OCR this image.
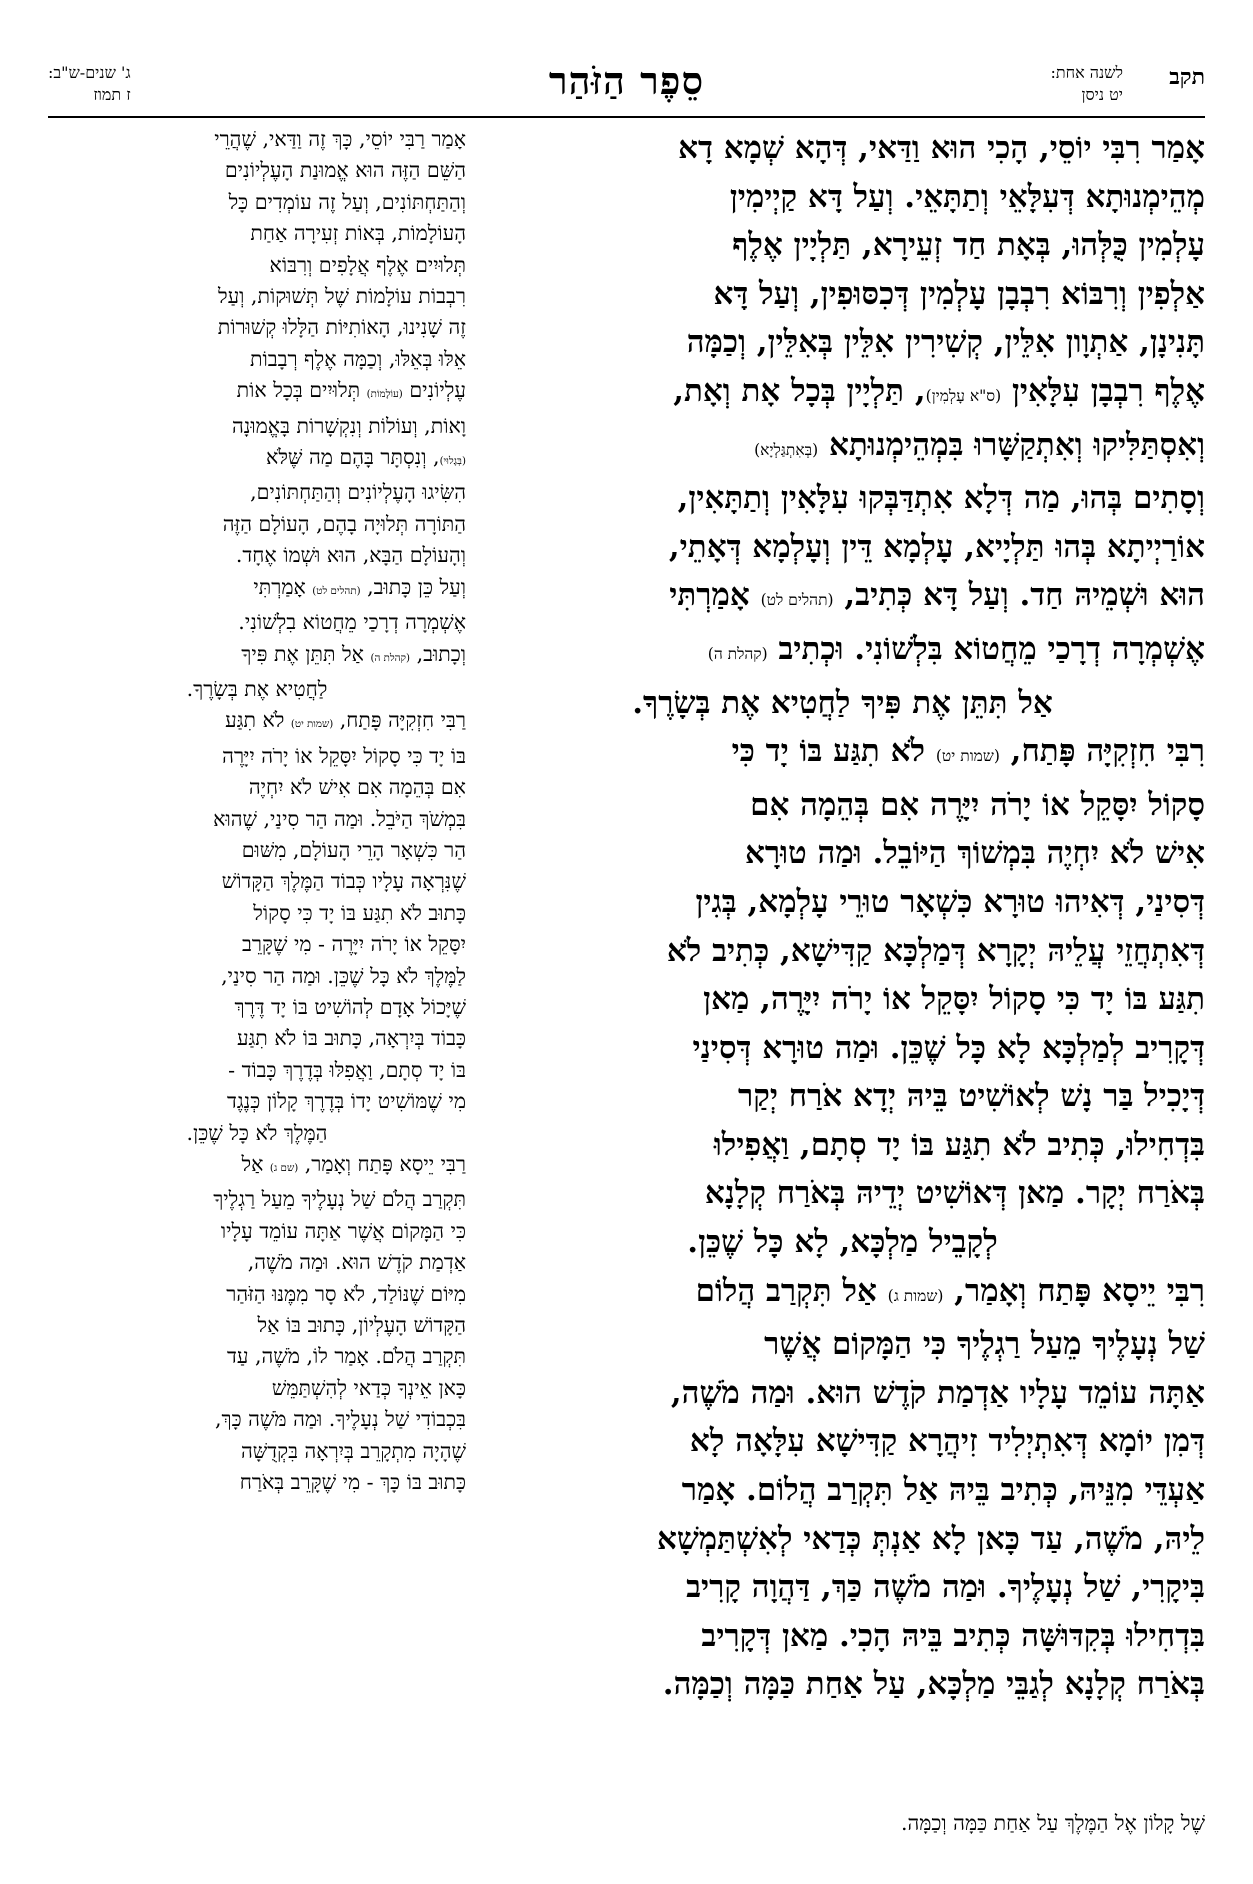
תקב
לשנה אחת:
יט ניסן
סֵפֶר הַזֹּהַר
ג' שנים-ש"ב:
ז תמוז

אָמַר רִבִּי יוֹסֵי, הָכִי הוּא וַדַּאי, דְּהָא שְׁמָא דָא

מְהֵימְנוּתָא דְּעִלָּאֵי וְתַתָּאֵי. וְעַל דָּא קַיְימִין

עָלְמִין כֻּלְּהוּ, בְּאָת חַד זְעֵירָא, תַּלְיָין אֶלֶף

אַלְפִין וְרִבּוֹא רִבְבָן עָלְמִין דְּכִסּוּפִין, וְעַל דָּא

תָּנִינָן, אַתְוָון אִלֵּין, קְשִׁירִין אִלֵּין בְּאִלֵּין, וְכַמָּה

אֶלֶף רִבְבָן עִלָּאִין (ס"א עָלְמִין), תַּלְיָין בְּכָל אָת וְאָת,

וְאִסְתַּלִּיקוּ וְאִתְקַשָּׁרוּ בִּמְהֵימְנוּתָא (בְּאִתְגַּלְיָא)

וְסָתִים בְּהוּ, מַה דְּלָא אִתְדַּבְּקוּ עִלָּאִין וְתַתָּאִין,

אוֹרַיְיתָא בְּהוּ תַּלְיָיא, עָלְמָא דֵּין וְעָלְמָא דְּאָתֵי,

הוּא וּשְׁמֵיהּ חַד. וְעַל דָּא כְּתִיב, (תהלים לט) אָמַרְתִּי

אֶשְׁמְרָה דְרָכַי מֵחֲטוֹא בִּלְשׁוֹנִי. וּכְתִיב (קהלת ה)

אַל תִּתֵּן אֶת פִּיךָ לַחֲטִיא אֶת בְּשָׂרֶךָ.

רִבִּי חִזְקִיָּה פָּתַח, (שמות יט) לֹא תִגַּע בּוֹ יָד כִּי

סָקוֹל יִסָּקֵל אוֹ יָרֹה יִיָּרֶה אִם בְּהֵמָה אִם

אִישׁ לֹא יִחְיֶה בִּמְשׁוֹךְ הַיּוֹבֵל. וּמַה טוּרָא

דְּסִינַי, דְּאִיהוּ טוּרָא כִּשְׁאָר טוּרֵי עָלְמָא, בְּגִין

דְּאִתְחֲזֵי עֲלֵיהּ יְקָרָא דְּמַלְכָּא קַדִּישָׁא, כְּתִיב לֹא

תִגַּע בּוֹ יָד כִּי סָקוֹל יִסָּקֵל אוֹ יָרֹה יִיָּרֶה, מַאן

דְּקָרִיב לְמַלְכָּא לָא כָּל שֶׁכֵּן. וּמַה טוּרָא דְּסִינַי

דְּיָכִיל בַּר נָשׁ לְאוֹשִׁיט בֵּיהּ יְדָא אֹרַח יְקַר

בִּדְחִילוּ, כְּתִיב לֹא תִגַּע בּוֹ יָד סְתָם, וַאֲפִילוּ

בְּאֹרַח יְקָר. מַאן דְּאוֹשִׁיט יְדֵיהּ בְּאֹרַח קְלָנָא

לְקָבֵיל מַלְכָּא, לָא כָּל שֶׁכֵּן.

רִבִּי יֵיסָא פָּתַח וְאָמַר, (שמות ג) אַל תִּקְרַב הֲלוֹם

שַׁל נְעָלֶיךָ מֵעַל רַגְלֶיךָ כִּי הַמָּקוֹם אֲשֶׁר

אַתָּה עוֹמֵד עָלָיו אַדְמַת קֹדֶשׁ הוּא. וּמַה מֹשֶׁה,

דְּמִן יוֹמָא דְּאִתְיְלִיד זִיהֲרָא קַדִּישָׁא עִלָּאָה לָא

אַעְדֵּי מִנֵּיהּ, כְּתִיב בֵּיהּ אַל תִּקְרַב הֲלוֹם. אָמַר

לֵיהּ, מֹשֶׁה, עַד כָּאן לָא אַנְתְּ כְּדַאי לְאִשְׁתַּמְשָׁא

בִּיקָרִי, שַׁל נְעָלֶיךָ. וּמַה מֹשֶׁה כַּךְ, דַּהֲוָה קָרִיב

בִּדְחִילוּ בְּקִדּוּשָּׁה כְּתִיב בֵּיהּ הָכִי. מַאן דְּקָרִיב

בְּאֹרַח קְלָנָא לְגַבֵּי מַלְכָּא, עַל אַחַת כַּמָּה וְכַמָּה.

אָמַר רַבִּי יוֹסֵי, כָּךְ זֶה וַדַּאי, שֶׁהֲרֵי

הַשֵּׁם הַזֶּה הוּא אֱמוּנַת הָעֶלְיוֹנִים

וְהַתַּחְתּוֹנִים, וְעַל זֶה עוֹמְדִים כָּל

הָעוֹלָמוֹת, בְּאוֹת זְעִירָה אַחַת

תְּלוּיִים אֶלֶף אֲלָפִים וְרִבּוֹא

רִבְבוֹת עוֹלָמוֹת שֶׁל תְּשׁוּקוֹת, וְעַל

זֶה שָׁנִינוּ, הָאוֹתִיּוֹת הַלָּלוּ קְשׁוּרוֹת

אֵלּוּ בְּאֵלּוּ, וְכַמָּה אֶלֶף רְבָבוֹת

עֶלְיוֹנִים (עוֹלָמוֹת) תְּלוּיִים בְּכָל אוֹת

וָאוֹת, וְעוֹלוֹת וְנִקְשָׁרוֹת בָּאֱמוּנָה

(בְּגָלוּי), וְנִסְתָּר בָּהֶם מַה שֶּׁלֹּא

הִשִּׂיגוּ הָעֶלְיוֹנִים וְהַתַּחְתּוֹנִים,

הַתּוֹרָה תְּלוּיָה בָהֶם, הָעוֹלָם הַזֶּה

וְהָעוֹלָם הַבָּא, הוּא וּשְׁמוֹ אֶחָד.

וְעַל כֵּן כָּתוּב, (תהלים לט) אָמַרְתִּי

אֶשְׁמְרָה דְרָכַי מֵחֲטוֹא בִלְשׁוֹנִי.

וְכָתוּב, (קהלת ה) אַל תִּתֵּן אֶת פִּיךָ

לַחֲטִיא אֶת בְּשָׂרֶךָ.

רַבִּי חִזְקִיָּה פָּתַח, (שמות יט) לֹא תִגַּע

בּוֹ יָד כִּי סָקוֹל יִסָּקֵל אוֹ יָרֹה יִיָּרֶה

אִם בְּהֵמָה אִם אִישׁ לֹא יִחְיֶה

בִּמְשֹׁךְ הַיֹּבֵל. וּמַה הַר סִינַי, שֶׁהוּא

הַר כִּשְׁאָר הָרֵי הָעוֹלָם, מִשּׁוּם

שֶׁנִּרְאָה עָלָיו כְּבוֹד הַמֶּלֶךְ הַקָּדוֹשׁ

כָּתוּב לֹא תִגַּע בּוֹ יָד כִּי סָקוֹל

יִסָּקֵל אוֹ יָרֹה יִיָּרֶה - מִי שֶׁקָּרֵב

לַמֶּלֶךְ לֹא כָּל שֶׁכֵּן. וּמַה הַר סִינַי,

שֶׁיָּכוֹל אָדָם לְהוֹשִׁיט בּוֹ יָד דֶּרֶךְ

כָּבוֹד בְּיִרְאָה, כָּתוּב בּוֹ לֹא תִגַּע

בּוֹ יָד סְתָם, וַאֲפִלּוּ בְּדֶרֶךְ כָּבוֹד -

מִי שֶׁמּוֹשִׁיט יָדוֹ בְּדֶרֶךְ קָלוֹן כְּנֶגֶד

הַמֶּלֶךְ לֹא כָּל שֶׁכֵּן.

רַבִּי יֵיסָא פָּתַח וְאָמַר, (שם ג) אַל

תִּקְרַב הֲלֹם שַׁל נְעָלֶיךָ מֵעַל רַגְלֶיךָ

כִּי הַמָּקוֹם אֲשֶׁר אַתָּה עוֹמֵד עָלָיו

אַדְמַת קֹדֶשׁ הוּא. וּמַה מֹשֶׁה,

מִיּוֹם שֶׁנּוֹלַד, לֹא סָר מִמֶּנּוּ הַזֹּהַר

הַקָּדוֹשׁ הָעֶלְיוֹן, כָּתוּב בּוֹ אַל

תִּקְרַב הֲלֹם. אָמַר לוֹ, מֹשֶׁה, עַד

כָּאן אֵינְךָ כְּדַאי לְהִשְׁתַּמֵּשׁ

בִּכְבוֹדִי שַׁל נְעָלֶיךָ. וּמַה מֹּשֶׁה כָּךְ,

שֶׁהָיָה מִתְקָרֵב בְּיִרְאָה בִּקְדֻשָּׁה

כָּתוּב בּוֹ כָּךְ - מִי שֶׁקָּרֵב בְּאֹרַח

שֶׁל קָלוֹן אֶל הַמֶּלֶךְ עַל אַחַת כַּמָּה וְכַמָּה.
